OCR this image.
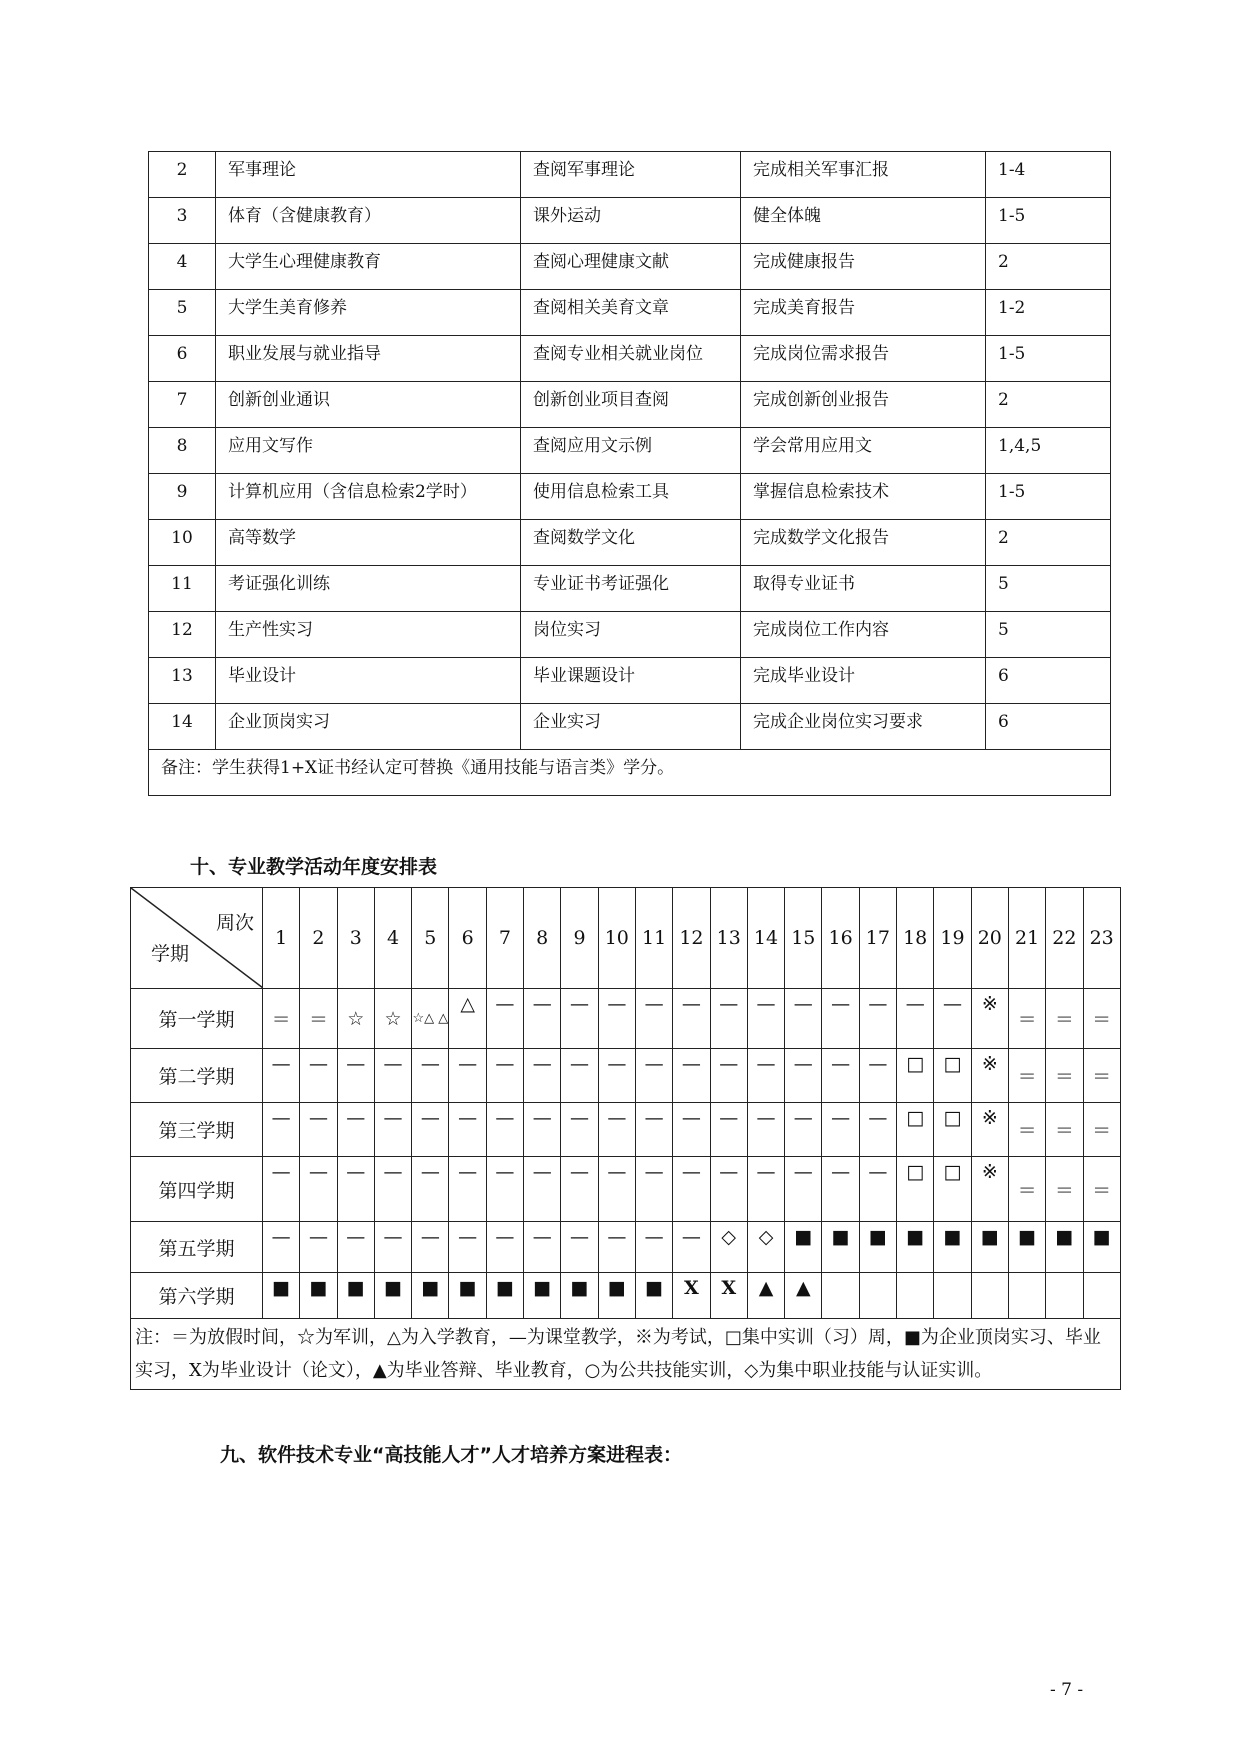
2	军事理论	查阅军事理论	完成相关军事汇报	1-4
3	体育（含健康教育）	课外运动	健全体魄	1-5
4	大学生心理健康教育	查阅心理健康文献	完成健康报告	2
5	大学生美育修养	查阅相关美育文章	完成美育报告	1-2
6	职业发展与就业指导	查阅专业相关就业岗位	完成岗位需求报告	1-5
7	创新创业通识	创新创业项目查阅	完成创新创业报告	2
8	应用文写作	查阅应用文示例	学会常用应用文	1,4,5
9	计算机应用（含信息检索2学时）	使用信息检索工具	掌握信息检索技术	1-5
10	高等数学	查阅数学文化	完成数学文化报告	2
11	考证强化训练	专业证书考证强化	取得专业证书	5
12	生产性实习	岗位实习	完成岗位工作内容	5
13	毕业设计	毕业课题设计	完成毕业设计	6
14	企业顶岗实习	企业实习	完成企业岗位实习要求	6
备注：学生获得1+X证书经认定可替换《通用技能与语言类》学分。				
十、专业教学活动年度安排表
周次
学期	1	2	3	4	5	6	7	8	9	10	11	12	13	14	15	16	17	18	19	20	21	22	23
第一学期	＝	＝	☆	☆	☆△ △	△	—	—	—	—	—	—	—	—	—	—	—	—	—	※	＝	＝	＝
第二学期	—	—	—	—	—	—	—	—	—	—	—	—	—	—	—	—	—	□	□	※	＝	＝	＝
第三学期	—	—	—	—	—	—	—	—	—	—	—	—	—	—	—	—	—	□	□	※	＝	＝	＝
第四学期	—	—	—	—	—	—	—	—	—	—	—	—	—	—	—	—	—	□	□	※	＝	＝	＝
第五学期	—	—	—	—	—	—	—	—	—	—	—	—	◇	◇	■	■	■	■	■	■	■	■	■
第六学期	■	■	■	■	■	■	■	■	■	■	■	X	X	▲	▲								
注：＝为放假时间，☆为军训，△为入学教育，—为课堂教学，※为考试，□集中实训（习）周，■为企业顶岗实习、毕业实习，X为毕业设计（论文），▲为毕业答辩、毕业教育，○为公共技能实训，◇为集中职业技能与认证实训。																							
九、软件技术专业“高技能人才”人才培养方案进程表：
- 7 -
